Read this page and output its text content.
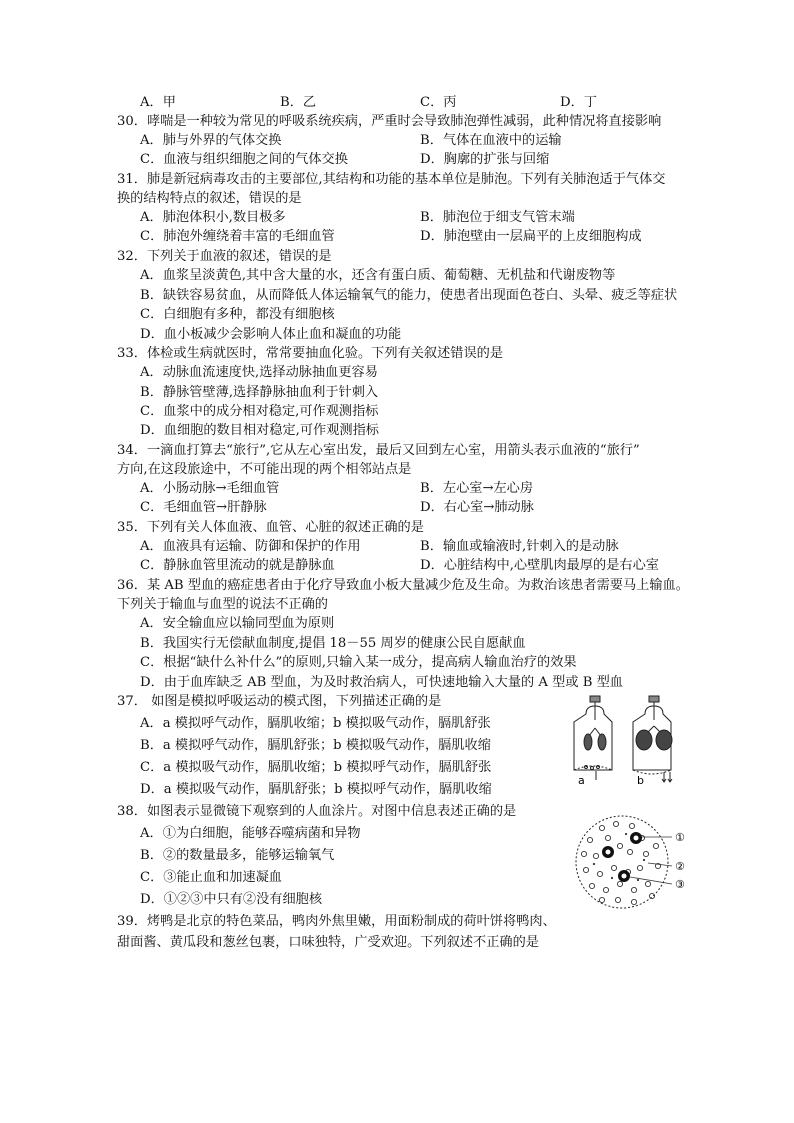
A．甲	B．乙	C．丙	D．丁
30．哮喘是一种较为常见的呼吸系统疾病，严重时会导致肺泡弹性减弱，此种情况将直接影响
A．肺与外界的气体交换	B．气体在血液中的运输
C．血液与组织细胞之间的气体交换	D．胸廓的扩张与回缩
31．肺是新冠病毒攻击的主要部位,其结构和功能的基本单位是肺泡。下列有关肺泡适于气体交
换的结构特点的叙述，错误的是
A．肺泡体积小,数目极多	B．肺泡位于细支气管末端
C．肺泡外缠绕着丰富的毛细血管	D．肺泡壁由一层扁平的上皮细胞构成
32．下列关于血液的叙述，错误的是
A．血浆呈淡黄色,其中含大量的水，还含有蛋白质、葡萄糖、无机盐和代谢废物等
B．缺铁容易贫血，从而降低人体运输氧气的能力，使患者出现面色苍白、头晕、疲乏等症状
C．白细胞有多种，都没有细胞核
D．血小板减少会影响人体止血和凝血的功能
33．体检或生病就医时，常常要抽血化验。下列有关叙述错误的是
A．动脉血流速度快,选择动脉抽血更容易
B．静脉管壁薄,选择静脉抽血利于针刺入
C．血浆中的成分相对稳定,可作观测指标
D．血细胞的数目相对稳定,可作观测指标
34．一滴血打算去“旅行”,它从左心室出发，最后又回到左心室，用箭头表示血液的“旅行”
方向,在这段旅途中，不可能出现的两个相邻站点是
A．小肠动脉→毛细血管	B．左心室→左心房
C．毛细血管→肝静脉	D．右心室→肺动脉
35．下列有关人体血液、血管、心脏的叙述正确的是
A．血液具有运输、防御和保护的作用	B．输血或输液时,针刺入的是动脉
C．静脉血管里流动的就是静脉血	D．心脏结构中,心壁肌肉最厚的是右心室
36．某 AB 型血的癌症患者由于化疗导致血小板大量减少危及生命。为救治该患者需要马上输血。
下列关于输血与血型的说法不正确的
A．安全输血应以输同型血为原则
B．我国实行无偿献血制度,提倡 18－55 周岁的健康公民自愿献血
C．根据“缺什么补什么”的原则,只输入某一成分，提高病人输血治疗的效果
D．由于血库缺乏 AB 型血，为及时救治病人，可快速地输入大量的 A 型或 B 型血
37． 如图是模拟呼吸运动的模式图，下列描述正确的是
A．a 模拟呼气动作，膈肌收缩；b 模拟吸气动作，膈肌舒张
B．a 模拟呼气动作，膈肌舒张；b 模拟吸气动作，膈肌收缩
C．a 模拟吸气动作，膈肌收缩；b 模拟呼气动作，膈肌舒张
D．a 模拟吸气动作，膈肌舒张；b 模拟呼气动作，膈肌收缩
a	b
38．如图表示显微镜下观察到的人血涂片。对图中信息表述正确的是
A．①为白细胞，能够吞噬病菌和异物
B．②的数量最多，能够运输氧气
C．③能止血和加速凝血
D．①②③中只有②没有细胞核
①
②
③
39．烤鸭是北京的特色菜品，鸭肉外焦里嫩，用面粉制成的荷叶饼将鸭肉、
甜面酱、黄瓜段和葱丝包裹，口味独特，广受欢迎。下列叙述不正确的是
